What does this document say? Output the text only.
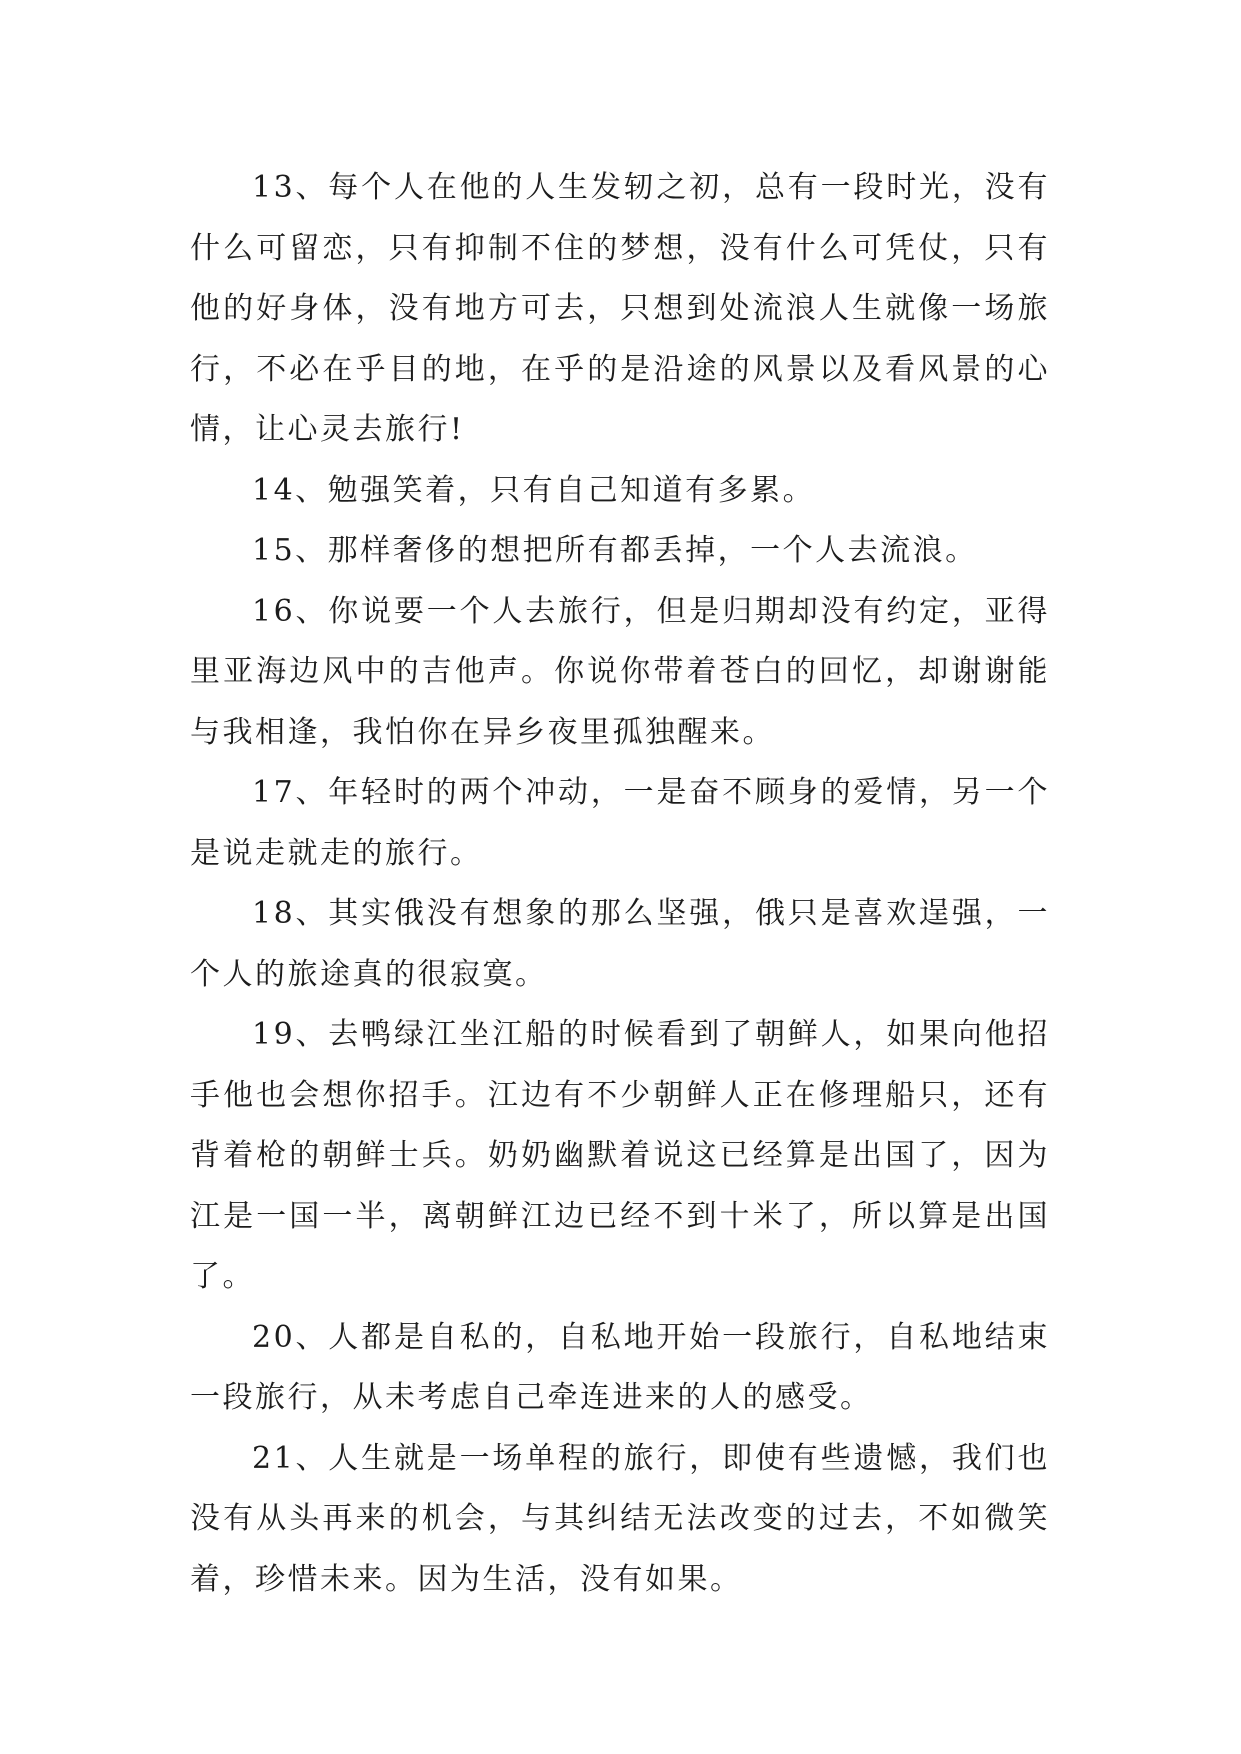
13、每个人在他的人生发轫之初，总有一段时光，没有什么可留恋，只有抑制不住的梦想，没有什么可凭仗，只有他的好身体，没有地方可去，只想到处流浪人生就像一场旅行，不必在乎目的地，在乎的是沿途的风景以及看风景的心情，让心灵去旅行!

14、勉强笑着，只有自己知道有多累。

15、那样奢侈的想把所有都丢掉，一个人去流浪。

16、你说要一个人去旅行，但是归期却没有约定，亚得里亚海边风中的吉他声。你说你带着苍白的回忆，却谢谢能与我相逢，我怕你在异乡夜里孤独醒来。

17、年轻时的两个冲动，一是奋不顾身的爱情，另一个是说走就走的旅行。

18、其实俄没有想象的那么坚强，俄只是喜欢逞强，一个人的旅途真的很寂寞。

19、去鸭绿江坐江船的时候看到了朝鲜人，如果向他招手他也会想你招手。江边有不少朝鲜人正在修理船只，还有背着枪的朝鲜士兵。奶奶幽默着说这已经算是出国了，因为江是一国一半，离朝鲜江边已经不到十米了，所以算是出国了。

20、人都是自私的，自私地开始一段旅行，自私地结束一段旅行，从未考虑自己牵连进来的人的感受。

21、人生就是一场单程的旅行，即使有些遗憾，我们也没有从头再来的机会，与其纠结无法改变的过去，不如微笑着，珍惜未来。因为生活，没有如果。
